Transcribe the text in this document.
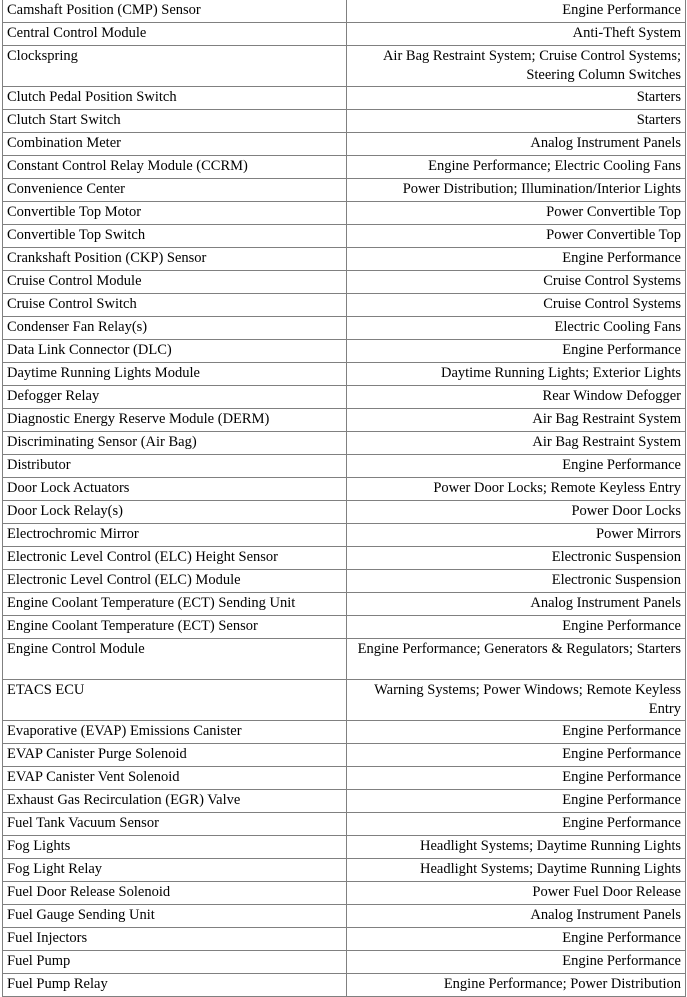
Camshaft Position (CMP) Sensor	Engine Performance
Central Control Module	Anti-Theft System
Clockspring	Air Bag Restraint System; Cruise Control Systems; Steering Column Switches
Clutch Pedal Position Switch	Starters
Clutch Start Switch	Starters
Combination Meter	Analog Instrument Panels
Constant Control Relay Module (CCRM)	Engine Performance; Electric Cooling Fans
Convenience Center	Power Distribution; Illumination/Interior Lights
Convertible Top Motor	Power Convertible Top
Convertible Top Switch	Power Convertible Top
Crankshaft Position (CKP) Sensor	Engine Performance
Cruise Control Module	Cruise Control Systems
Cruise Control Switch	Cruise Control Systems
Condenser Fan Relay(s)	Electric Cooling Fans
Data Link Connector (DLC)	Engine Performance
Daytime Running Lights Module	Daytime Running Lights; Exterior Lights
Defogger Relay	Rear Window Defogger
Diagnostic Energy Reserve Module (DERM)	Air Bag Restraint System
Discriminating Sensor (Air Bag)	Air Bag Restraint System
Distributor	Engine Performance
Door Lock Actuators	Power Door Locks; Remote Keyless Entry
Door Lock Relay(s)	Power Door Locks
Electrochromic Mirror	Power Mirrors
Electronic Level Control (ELC) Height Sensor	Electronic Suspension
Electronic Level Control (ELC) Module	Electronic Suspension
Engine Coolant Temperature (ECT) Sending Unit	Analog Instrument Panels
Engine Coolant Temperature (ECT) Sensor	Engine Performance
Engine Control Module	Engine Performance; Generators & Regulators; Starters
ETACS ECU	Warning Systems; Power Windows; Remote Keyless Entry
Evaporative (EVAP) Emissions Canister	Engine Performance
EVAP Canister Purge Solenoid	Engine Performance
EVAP Canister Vent Solenoid	Engine Performance
Exhaust Gas Recirculation (EGR) Valve	Engine Performance
Fuel Tank Vacuum Sensor	Engine Performance
Fog Lights	Headlight Systems; Daytime Running Lights
Fog Light Relay	Headlight Systems; Daytime Running Lights
Fuel Door Release Solenoid	Power Fuel Door Release
Fuel Gauge Sending Unit	Analog Instrument Panels
Fuel Injectors	Engine Performance
Fuel Pump	Engine Performance
Fuel Pump Relay	Engine Performance; Power Distribution
